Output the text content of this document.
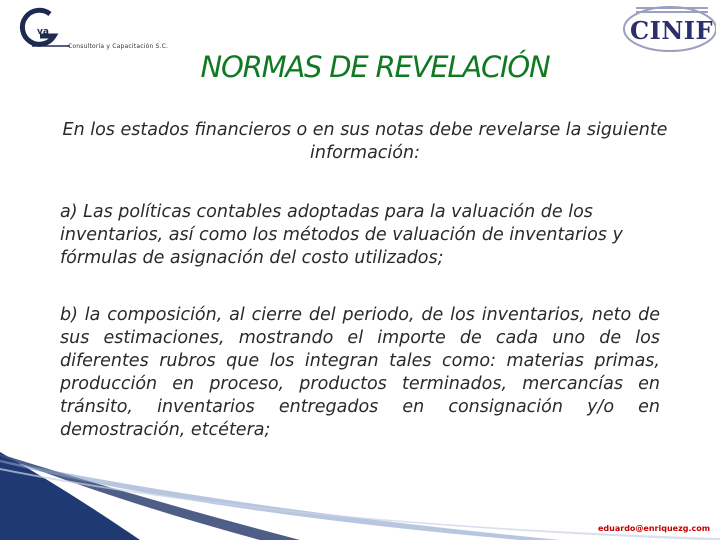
va
Consultoría y Capacitación S.C.
CINIF
NORMAS DE REVELACIÓN
En los estados financieros o en sus notas debe revelarse la siguiente información:
a) Las políticas contables adoptadas para la valuación de los inventarios, así como los métodos de valuación de inventarios y fórmulas de asignación del costo utilizados;
b) la composición, al cierre del periodo, de los inventarios, neto de sus estimaciones, mostrando el importe de cada uno de los diferentes rubros que los integran tales como: materias primas, producción en proceso, productos terminados, mercancías en tránsito, inventarios entregados en consignación y/o en demostración, etcétera;
eduardo@enriquezg.com
